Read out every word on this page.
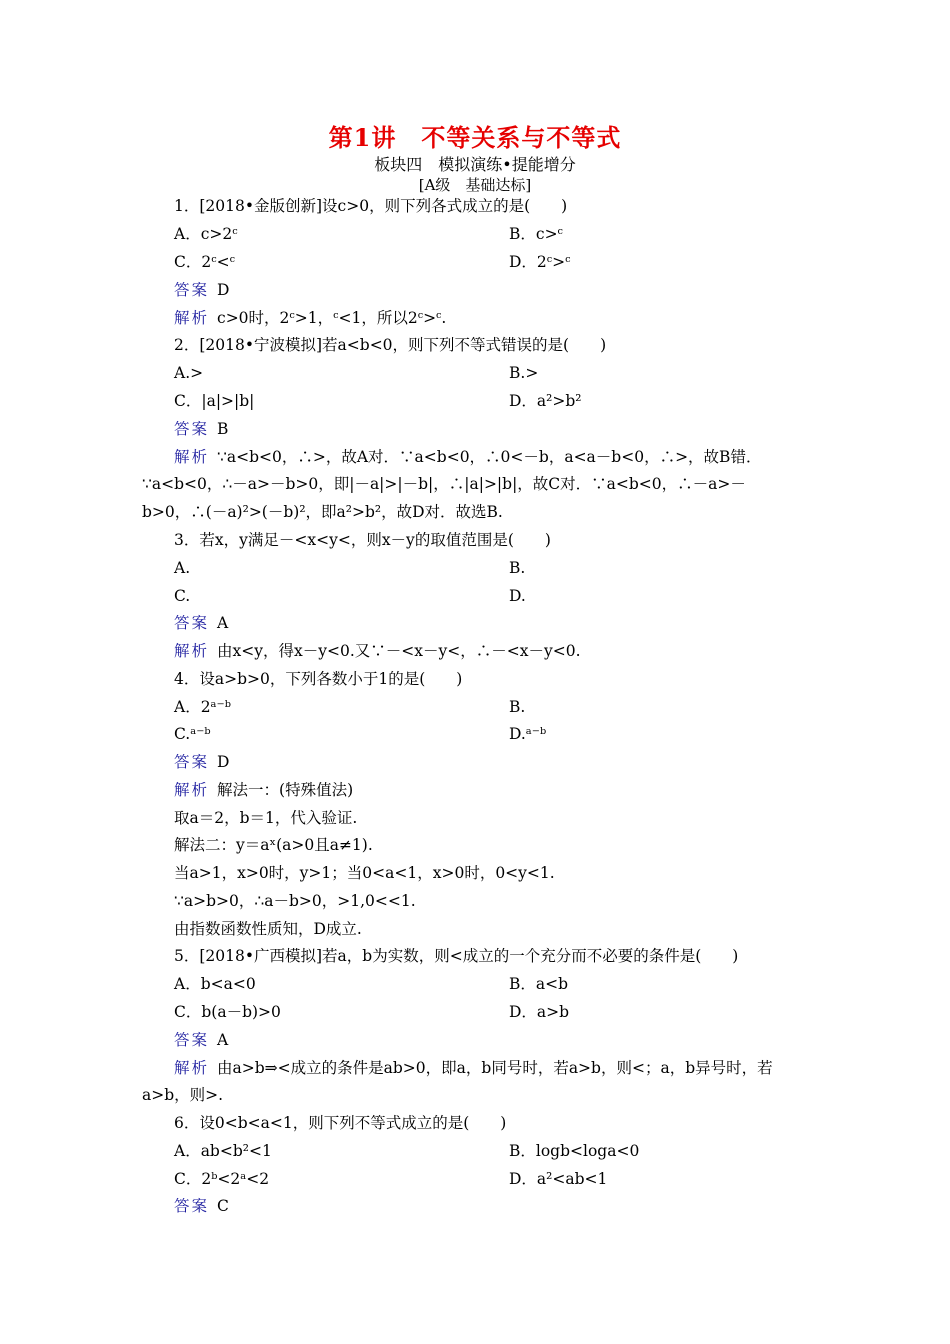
第1讲　不等关系与不等式
板块四　模拟演练•提能增分
[A级　基础达标]
1．[2018•金版创新]设c>0，则下列各式成立的是(　　)
A．c>2ᶜ	B．c>ᶜ
C．2ᶜ<ᶜ	D．2ᶜ>ᶜ
答案 D
解析 c>0时，2ᶜ>1，ᶜ<1，所以2ᶜ>ᶜ.
2．[2018•宁波模拟]若a<b<0，则下列不等式错误的是(　　)
A.>	B.>
C．|a|>|b|	D．a²>b²
答案 B
解析 ∵a<b<0，∴>，故A对．∵a<b<0，∴0<－b，a<a－b<0，∴>，故B错．
∵a<b<0，∴－a>－b>0，即|－a|>|－b|，∴|a|>|b|，故C对．∵a<b<0，∴－a>－
b>0，∴(－a)²>(－b)²，即a²>b²，故D对．故选B.
3．若x，y满足－<x<y<，则x－y的取值范围是(　　)
A.	B.
C.	D.
答案 A
解析 由x<y，得x－y<0.又∵－<x－y<，∴－<x－y<0.
4．设a>b>0，下列各数小于1的是(　　)
A．2ᵃ⁻ᵇ	B.
C.ᵃ⁻ᵇ	D.ᵃ⁻ᵇ
答案 D
解析 解法一：(特殊值法)
取a＝2，b＝1，代入验证.
解法二：y＝aˣ(a>0且a≠1).
当a>1，x>0时，y>1；当0<a<1，x>0时，0<y<1.
∵a>b>0，∴a－b>0，>1,0<<1.
由指数函数性质知，D成立.
5．[2018•广西模拟]若a，b为实数，则<成立的一个充分而不必要的条件是(　　)
A．b<a<0	B．a<b
C．b(a－b)>0	D．a>b
答案 A
解析 由a>b⇒<成立的条件是ab>0，即a，b同号时，若a>b，则<；a，b异号时，若
a>b，则>.
6．设0<b<a<1，则下列不等式成立的是(　　)
A．ab<b²<1	B．logb<loga<0
C．2ᵇ<2ᵃ<2	D．a²<ab<1
答案 C
